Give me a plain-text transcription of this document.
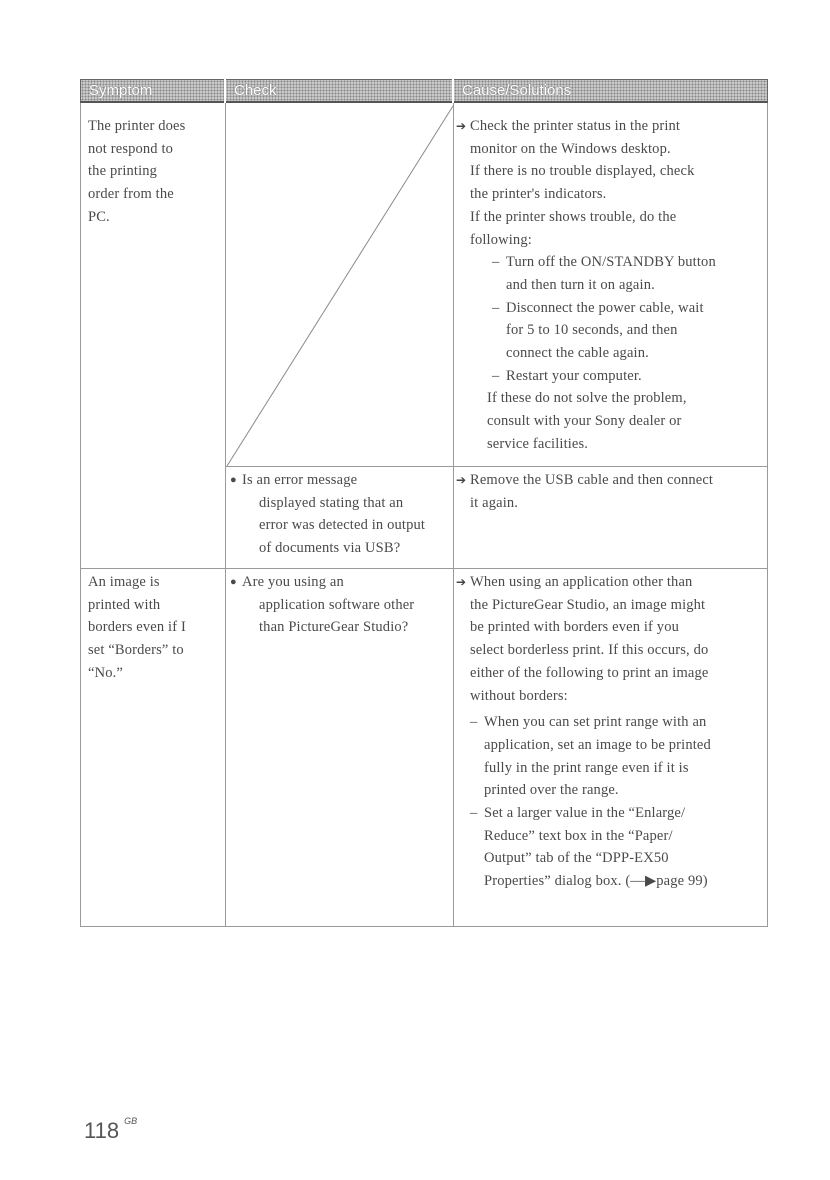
Symptom	Check	Cause/Solutions

The printer does

not respond to

the printing

order from the

PC.

➔ Check the printer status in the print

monitor on the Windows desktop.

If there is no trouble displayed, check

the printer's indicators.

If the printer shows trouble, do the

following:

– Turn off the ON/STANDBY button

and then turn it on again.

– Disconnect the power cable, wait

for 5 to 10 seconds, and then

connect the cable again.

– Restart your computer.

If these do not solve the problem,

consult with your Sony dealer or

service facilities.

● Is an error message

displayed stating that an

error was detected in output

of documents via USB?

➔ Remove the USB cable and then connect

it again.

An image is

printed with

borders even if I

set “Borders” to

“No.”

● Are you using an

application software other

than PictureGear Studio?

➔ When using an application other than

the PictureGear Studio, an image might

be printed with borders even if you

select borderless print. If this occurs, do

either of the following to print an image

without borders:

– When you can set print range with an

application, set an image to be printed

fully in the print range even if it is

printed over the range.

– Set a larger value in the “Enlarge/

Reduce” text box in the “Paper/

Output” tab of the “DPP-EX50

Properties” dialog box. (—▶page 99)

118 $^{GB}$
